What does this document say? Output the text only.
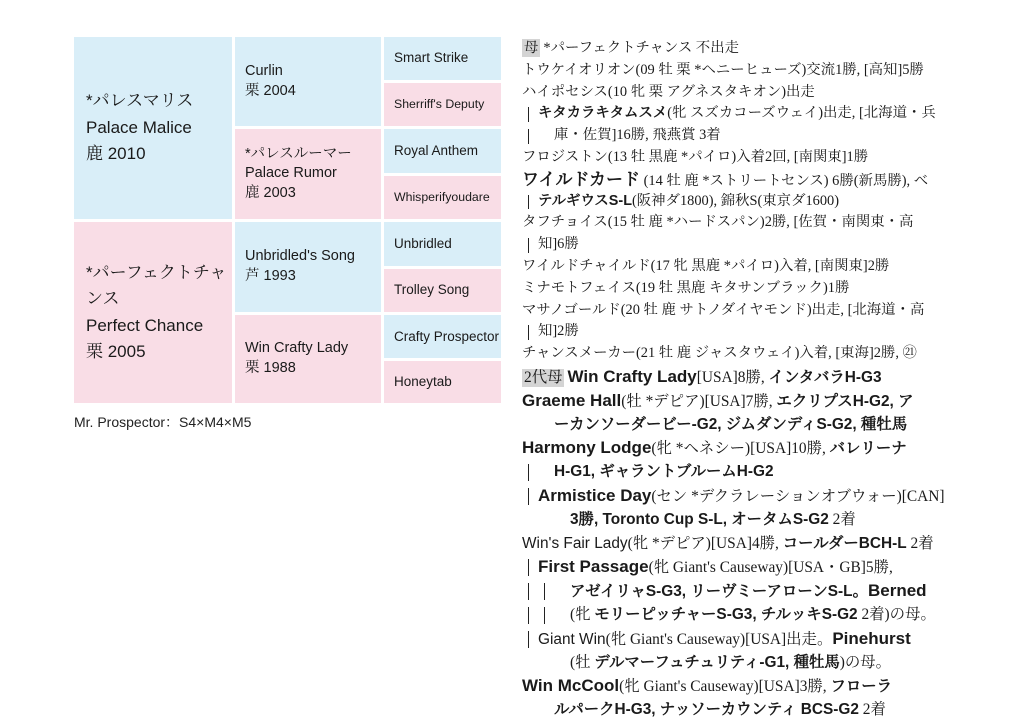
*パレスマリス
Palace Malice
鹿 2010
*パーフェクトチャンス
Perfect Chance
栗 2005
Curlin
栗 2004
*パレスルーマー
Palace Rumor
鹿 2003
Unbridled's Song
芦 1993
Win Crafty Lady
栗 1988
Smart Strike
Sherriff's Deputy
Royal Anthem
Whisperifyoudare
Unbridled
Trolley Song
Crafty Prospector
Honeytab
Mr. Prospector：S4×M4×M5
母 *パーフェクトチャンス 不出走
トウケイオリオン(09 牡 栗 *ヘニーヒューズ)交流1勝, [高知]5勝
ハイポセシス(10 牝 栗 アグネスタキオン)出走
キタカラキタムスメ(牝 スズカコーズウェイ)出走, [北海道・兵
庫・佐賀]16勝, 飛燕賞 3着
フロジストン(13 牡 黒鹿 *パイロ)入着2回, [南関東]1勝
ワイルドカード (14 牡 鹿 *ストリートセンス) 6勝(新馬勝), ベ
テルギウスS-L(阪神ダ1800), 錦秋S(東京ダ1600)
タフチョイス(15 牡 鹿 *ハードスパン)2勝, [佐賀・南関東・高
知]6勝
ワイルドチャイルド(17 牝 黒鹿 *パイロ)入着, [南関東]2勝
ミナモトフェイス(19 牡 黒鹿 キタサンブラック)1勝
マサノゴールド(20 牡 鹿 サトノダイヤモンド)出走, [北海道・高
知]2勝
チャンスメーカー(21 牡 鹿 ジャスタウェイ)入着, [東海]2勝, ㉑
2代母 Win Crafty Lady[USA]8勝, インタバラH-G3
Graeme Hall(牡 *デピア)[USA]7勝, エクリプスH-G2, ア
ーカンソーダービー-G2, ジムダンディS-G2, 種牡馬
Harmony Lodge(牝 *ヘネシー)[USA]10勝, バレリーナ
H-G1, ギャラントブルームH-G2
Armistice Day(セン *デクラレーションオブウォー)[CAN]
3勝, Toronto Cup S-L, オータムS-G2 2着
Win's Fair Lady(牝 *デピア)[USA]4勝, コールダーBCH-L 2着
First Passage(牝 Giant's Causeway)[USA・GB]5勝,
アゼイリャS-G3, リーヴミーアローンS-L。Berned
(牝 モリーピッチャーS-G3, チルッキS-G2 2着)の母。
Giant Win(牝 Giant's Causeway)[USA]出走。Pinehurst
(牡 デルマーフュチュリティ-G1, 種牡馬)の母。
Win McCool(牝 Giant's Causeway)[USA]3勝, フローラ
ルパークH-G3, ナッソーカウンティ BCS-G2 2着
